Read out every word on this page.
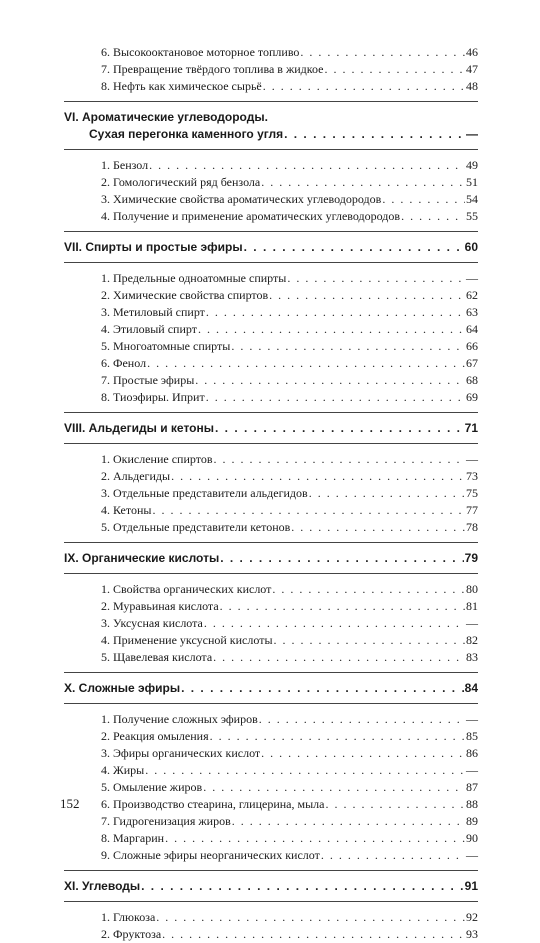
6. Высокооктановое моторное топливо . . .	46
7. Превращение твёрдого топлива в жидкое . . .	47
8. Нефть как химическое сырьё . . .	48
VI. Ароматические углеводороды.
Сухая перегонка каменного угля . . .	—
1. Бензол . . .	49
2. Гомологический ряд бензола . . .	51
3. Химические свойства ароматических углеводородов . . .	54
4. Получение и применение ароматических углеводородов . . .	55
VII. Спирты и простые эфиры . . .	60
1. Предельные одноатомные спирты . . .	—
2. Химические свойства спиртов . . .	62
3. Метиловый спирт . . .	63
4. Этиловый спирт . . .	64
5. Многоатомные спирты . . .	66
6. Фенол . . .	67
7. Простые эфиры . . .	68
8. Тиоэфиры. Иприт . . .	69
VIII. Альдегиды и кетоны . . .	71
1. Окисление спиртов . . .	—
2. Альдегиды . . .	73
3. Отдельные представители альдегидов . . .	75
4. Кетоны . . .	77
5. Отдельные представители кетонов . . .	78
IX. Органические кислоты . . .	79
1. Свойства органических кислот . . .	80
2. Муравьиная кислота . . .	81
3. Уксусная кислота . . .	—
4. Применение уксусной кислоты . . .	82
5. Щавелевая кислота . . .	83
X. Сложные эфиры . . .	84
1. Получение сложных эфиров . . .	—
2. Реакция омыления . . .	85
3. Эфиры органических кислот . . .	86
4. Жиры . . .	—
5. Омыление жиров . . .	87
6. Производство стеарина, глицерина, мыла . . .	88
7. Гидрогенизация жиров . . .	89
8. Маргарин . . .	90
9. Сложные эфиры неорганических кислот . . .	—
XI. Углеводы . . .	91
1. Глюкоза . . .	92
2. Фруктоза . . .	93
152
